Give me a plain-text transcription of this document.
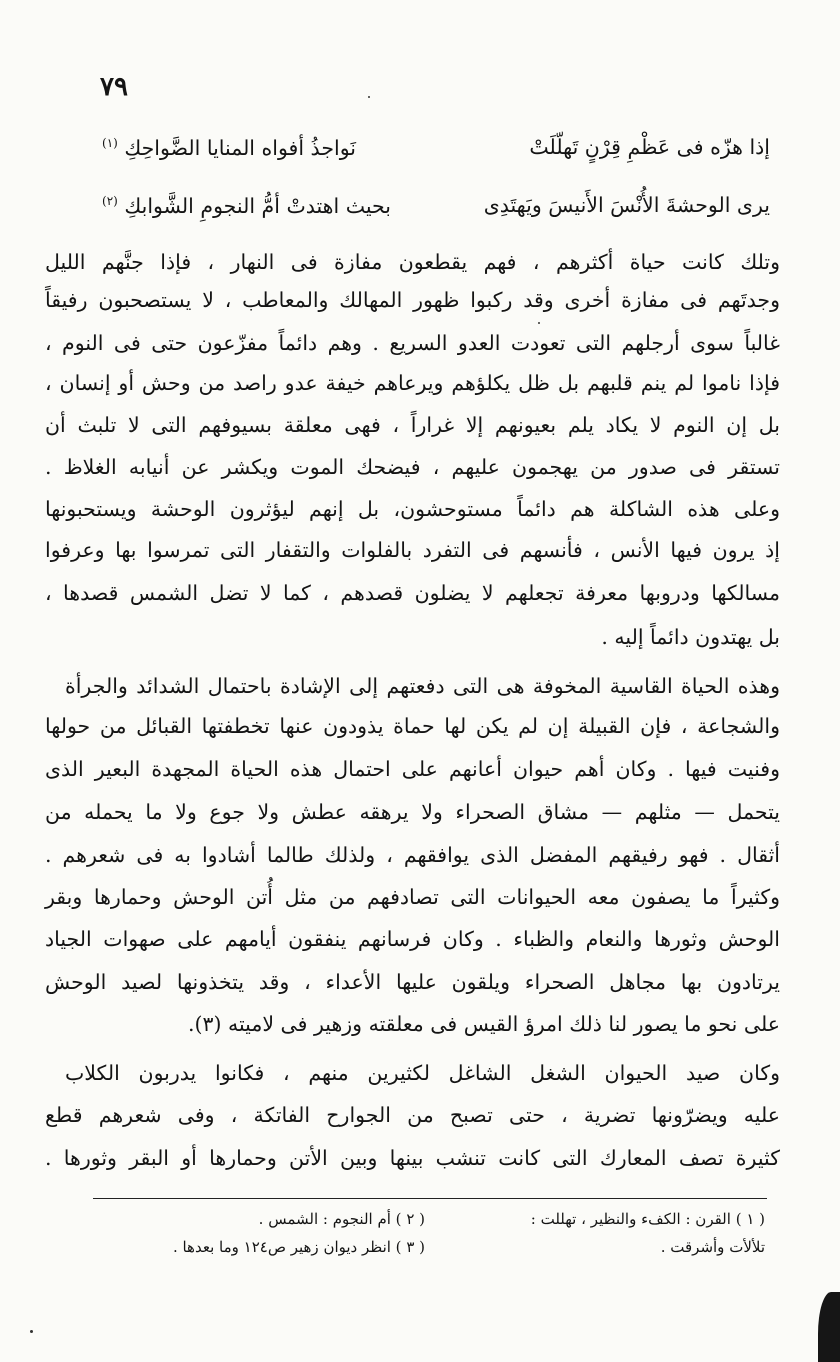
٧٩
إذا هزّه فى عَظْمِ قِرْنٍ تَهلّلَتْ
نَواجذُ أفواه المنايا الضَّواحِكِ $^{(١)}$
يرى الوحشةَ الأُنْسَ الأَنيسَ ويَهتَدِى
بحيث اهتدتْ أمُّ النجومِ الشَّوابكِ $^{(٢)}$
وتلك كانت حياة أكثرهم ، فهم يقطعون مفازة فى النهار ، فإذا جنَّهم الليل
وجدتَهم فى مفازة أخرى وقد ركبوا ظهور المهالك والمعاطب ، لا يستصحبون رفيقاً
غالباً سوى أرجلهم التى تعودت العدو السريع . وهم دائماً مفزّعون حتى فى النوم ،
فإذا ناموا لم ينم قلبهم بل ظل يكلؤهم ويرعاهم خيفة عدو راصد من وحش أو إنسان ،
بل إن النوم لا يكاد يلم بعيونهم إلا غراراً ، فهى معلقة بسيوفهم التى لا تلبث أن
تستقر فى صدور من يهجمون عليهم ، فيضحك الموت ويكشر عن أنيابه الغلاظ .
وعلى هذه الشاكلة هم دائماً مستوحشون، بل إنهم ليؤثرون الوحشة ويستحبونها
إذ يرون فيها الأنس ، فأنسهم فى التفرد بالفلوات والتقفار التى تمرسوا بها وعرفوا
مسالكها ودروبها معرفة تجعلهم لا يضلون قصدهم ، كما لا تضل الشمس قصدها ،
بل يهتدون دائماً إليه .
وهذه الحياة القاسية المخوفة هى التى دفعتهم إلى الإشادة باحتمال الشدائد والجرأة
والشجاعة ، فإن القبيلة إن لم يكن لها حماة يذودون عنها تخطفتها القبائل من حولها
وفنيت فيها . وكان أهم حيوان أعانهم على احتمال هذه الحياة المجهدة البعير الذى
يتحمل — مثلهم — مشاق الصحراء ولا يرهقه عطش ولا جوع ولا ما يحمله من
أثقال . فهو رفيقهم المفضل الذى يوافقهم ، ولذلك طالما أشادوا به فى شعرهم .
وكثيراً ما يصفون معه الحيوانات التى تصادفهم من مثل أُتن الوحش وحمارها وبقر
الوحش وثورها والنعام والظباء . وكان فرسانهم ينفقون أيامهم على صهوات الجياد
يرتادون بها مجاهل الصحراء ويلقون عليها الأعداء ، وقد يتخذونها لصيد الوحش
على نحو ما يصور لنا ذلك امرؤ القيس فى معلقته وزهير فى لاميته (٣).
وكان صيد الحيوان الشغل الشاغل لكثيرين منهم ، فكانوا يدربون الكلاب
عليه ويضرّونها تضرية ، حتى تصبح من الجوارح الفاتكة ، وفى شعرهم قطع
كثيرة تصف المعارك التى كانت تنشب بينها وبين الأتن وحمارها أو البقر وثورها .
( ١ ) القرن : الكفء والنظير ، تهللت :( ٢ ) أم النجوم : الشمس .
تلألأت وأشرقت .( ٣ ) انظر ديوان زهير ص١٢٤ وما بعدها .
